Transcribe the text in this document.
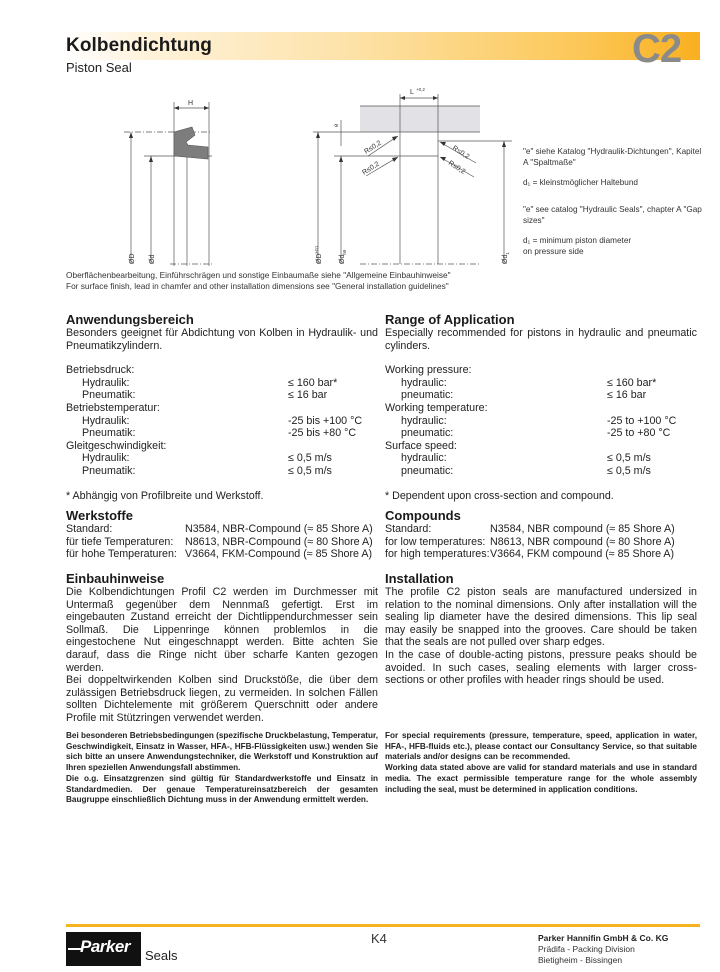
Kolbendichtung
Piston Seal	C2
H
ØD Ød
L +0,2
e
R≤0,2
R≤0,2
R≤0,2
R≤0,2
$ØD^{H11}$
$Ød_{h9}$
$Ød_1$

"e" siehe Katalog "Hydraulik-Dichtungen", Kapitel A "Spaltmaße"

d₁ = kleinstmöglicher Haltebund

"e" see catalog "Hydraulic Seals", chapter A "Gap sizes"

d₁ = minimum piston diameter
on pressure side

Oberflächenbearbeitung, Einführschrägen und sonstige Einbaumaße siehe "Allgemeine Einbauhinweise"
For surface finish, lead in chamfer and other installation dimensions see "General installation guidelines"
Anwendungsbereich

Besonders geeignet für Abdichtung von Kolben in Hydraulik- und Pneumatikzylindern.

Betriebsdruck:
Hydraulik:	≤ 160 bar*
Pneumatik:	≤ 16 bar
Betriebstemperatur:
Hydraulik:	-25 bis +100 °C
Pneumatik:	-25 bis +80 °C
Gleitgeschwindigkeit:
Hydraulik:	≤ 0,5 m/s
Pneumatik:	≤ 0,5 m/s

* Abhängig von Profilbreite und Werkstoff.

Werkstoffe
Standard:	N3584, NBR-Compound (≈ 85 Shore A)
für tiefe Temperaturen:	N8613, NBR-Compound (≈ 80 Shore A)
für hohe Temperaturen: V3664, FKM-Compound (≈ 85 Shore A)
Einbauhinweise

Die Kolbendichtungen Profil C2 werden im Durchmesser mit Untermaß gegenüber dem Nennmaß gefertigt. Erst im eingebauten Zustand erreicht der Dichtlippendurchmesser sein Sollmaß. Die Lippenringe können problemlos in die eingestochene Nut eingeschnappt werden. Bitte achten Sie darauf, dass die Ringe nicht über scharfe Kanten gezogen werden.

Bei doppeltwirkenden Kolben sind Druckstöße, die über dem zulässigen Betriebsdruck liegen, zu vermeiden. In solchen Fällen sollten Dichtelemente mit größerem Querschnitt oder andere Profile mit Stützringen verwendet werden.

Bei besonderen Betriebsbedingungen (spezifische Druckbelastung, Temperatur, Geschwindigkeit, Einsatz in Wasser, HFA-, HFB-Flüssigkeiten usw.) wenden Sie sich bitte an unsere Anwendungstechniker, die Werkstoff und Konstruktion auf Ihren speziellen Anwendungsfall abstimmen.
Die o.g. Einsatzgrenzen sind gültig für Standardwerkstoffe und Einsatz in Standardmedien. Der genaue Temperatureinsatzbereich der gesamten Baugruppe einschließlich Dichtung muss in der Anwendung ermittelt werden.
Range of Application

Especially recommended for pistons in hydraulic and pneumatic cylinders.

Working pressure:
hydraulic:	≤ 160 bar*
pneumatic:	≤ 16 bar
Working temperature:
hydraulic:	-25 to +100 °C
pneumatic:	-25 to +80 °C
Surface speed:
hydraulic:	≤ 0,5 m/s
pneumatic:	≤ 0,5 m/s

* Dependent upon cross-section and compound.

Compounds
Standard:	N3584, NBR compound (≈ 85 Shore A)
for low temperatures: N8613, NBR compound (≈ 80 Shore A)
for high temperatures: V3664, FKM compound (≈ 85 Shore A)
Installation

The profile C2 piston seals are manufactured undersized in relation to the nominal dimensions. Only after installation will the sealing lip diameter have the desired dimensions. This lip seal may easily be snapped into the grooves. Care should be taken that the seals are not pulled over sharp edges.

In the case of double-acting pistons, pressure peaks should be avoided. In such cases, sealing elements with larger cross-sections or other profiles with header rings should be used.

For special requirements (pressure, temperature, speed, application in water, HFA-, HFB-fluids etc.), please contact our Consultancy Service, so that suitable materials and/or designs can be recommended.
Working data stated above are valid for standard materials and use in standard media. The exact permissible temperature range for the whole assembly including the seal, must be determined in application conditions.
Parker Seals
K4	Parker Hannifin GmbH & Co. KG
Prädifa - Packing Division
Bietigheim - Bissingen
